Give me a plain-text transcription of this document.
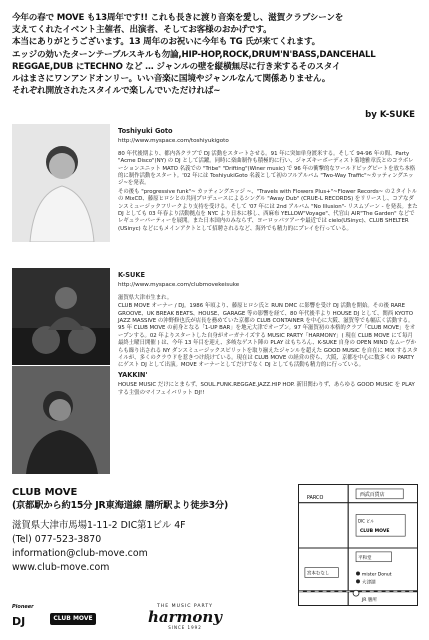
今年の春で MOVE も13周年です!! これも長きに渡り音楽を愛し、滋賀クラブシーンを

支えてくれたイベント主催者、出演者、そしてお客様のおかげです。

本当にありがとうございます。13 周年のお祝いに今年も TG 氏が来てくれます。

エッジの効いたターンテーブルスキルも勿論,HIP-HOP,ROCK,DRUM'N'BASS,DANCEHALL

REGGAE,DUB にTECHNO など … ジャンルの壁を縦横無尽に行き来するそのスタイ

ルはまさにワンアンドオンリー。いい音楽に国境やジャンルなんて関係ありません。

それぞれ開放されたスタイルで楽しんでいただければ~

by K-SUKE
Toshiyuki Goto
http://www.myspace.com/toshiyukigoto

80 年代後期より、都内各クラブで DJ 活動をスタートさせる。91 年に突如単身渡米する。そして 94-96 年の間、Party "Acme Disco"(NY) の DJ として活躍。同時に楽曲制作も積極的に行い、ジャズキーボーディスト菊地雅章氏とのコラボレーションユニット MATO 名義での "Tribe" "Drifting"(Winer music) で 96 年の衝撃的なワールドビッグビートを放ち本格的に制作活動をスタート。'02 年には ToshiyukiGoto 名義として初のフルアルバム "Two-Way Traffic"~カッティングエッジ~を発表。

その後も "progressive funk"~ カッティングエッジ ~、"Travels with Flowers Plus+"~Flower Records~ の２タイトルの MixCD、藤原ヒロシとの共同プロデュースによるシングル "Away Dub" (CRUE-L RECORDS) をリリースし、コアなダンスミュージックフリークより支持を受ける。そして '07 年には 2nd アルバム "No Illusion"- リスムゾーン - を発表。また DJ としても 03 年春より活動拠点を NYC より日本に移し、西麻布 YELLOW"Voyage"、代官山 AIR"The Garden" などでレギュラーパーティーを展開。また日本国内のみならず、ヨーロッパツアーや最近では cielo(USinyc)、CLUB SHELTER (USinyc) などにもメインアクトとして招聘されるなど、海外でも精力的にプレイを行っている。

K-SUKE
http://www.myspace.com/clubmovekeisuke

滋賀県大津市生まれ。

CLUB MOVE オーナー / DJ。1986 年頃より、藤原ヒロシ氏と RUN DMC に影響を受け DJ 活動を開始。その後 RARE GROOVE、UK BREAK BEATS、HOUSE、GARAGE 等の影響を経て、80 年代後半より HOUSE DJ として、関西 KYOTO JAZZ MASSIVE の沖野修也氏が店長を務めていた京都の CLUB CONTAINER を中心に大阪、滋賀等でも幅広く活動する。95 年 CLUB MOVE の前身となる「1-UP BAR」を地元大津でオープン。97 年滋賀初の本格的クラブ「CLUB MOVE」をオープンする。02 年よりスタートした自身がオーガナイズする MUSIC PARTY「HARMONY」( 現在 CLUB MOVE にて毎月最終土曜日開催 ) は、今年 13 年目を迎え、多岐なゲスト陣の PLAY はもちろん、K-SUKE 自身の OPEN MIND なムーヴからも繰り出される NY ダンスミュージックスピリットを取り揃えたジャンルを超えた GOOD MUSIC を自在に MIX するスタイルが、多くのクラウドを惹きつけ続けている。現在は CLUB MOVE の経営の傍ら、大阪、京都を中心に数多くの PARTY にゲスト DJ として出演。MOVE オーナーとしてだけでなく DJ としても活動も精力的に行っている。

YAKKIN'

HOUSE MUSIC だけにとまらず、SOUL.FUNK.REGGAE.JAZZ.HIP HOP. 新旧関わりず、あらゆる GOOD MUSIC を PLAY する主張のマイフェイバリット DJ!!

CLUB MOVE
(京都駅から約15分 JR東海道線 膳所駅より徒歩3分)
滋賀県大津市馬場1-11-2 DIC第1ビル 4F
(Tel) 077-523-3870
information@club-move.com
www.club-move.com
PARCO	西武百貨店
DIC ビル
CLUB MOVE
平和堂
宮本むなし	mister Donut
大津湖
JR 膳所
Pioneer
DJ	CLUB MOVE
THE MUSIC PARTY
harmony
SINCE 1992
